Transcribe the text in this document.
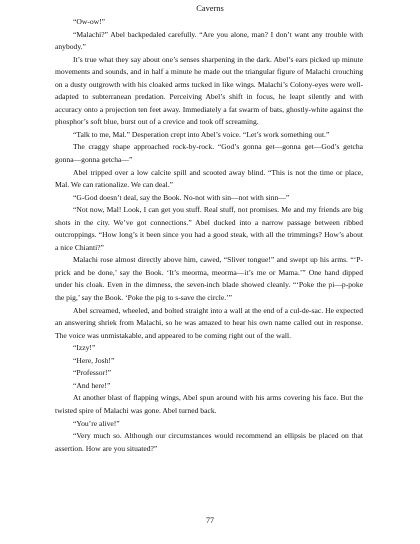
Caverns

“Ow-ow!”

“Malachi?” Abel backpedaled carefully. “Are you alone, man? I don’t want any trouble with anybody.”

It’s true what they say about one’s senses sharpening in the dark. Abel’s ears picked up minute movements and sounds, and in half a minute he made out the triangular figure of Malachi crouching on a dusty outgrowth with his cloaked arms tucked in like wings. Malachi’s Colony-eyes were well-adapted to subterranean predation. Perceiving Abel’s shift in focus, he leapt silently and with accuracy onto a projection ten feet away. Immediately a fat swarm of bats, ghostly-white against the phosphor’s soft blue, burst out of a crevice and took off screaming.

“Talk to me, Mal.” Desperation crept into Abel’s voice. “Let’s work something out.”

The craggy shape approached rock-by-rock. “God’s gonna get—gonna get—God’s getcha gonna—gonna getcha—”

Abel tripped over a low calcite spill and scooted away blind. “This is not the time or place, Mal. We can rationalize. We can deal.”

“G-God doesn’t deal, say the Book. No-not with sin—not with sinn—”

“Not now, Mal! Look, I can get you stuff. Real stuff, not promises. Me and my friends are big shots in the city. We’ve got connections.” Abel ducked into a narrow passage between ribbed outcroppings. “How long’s it been since you had a good steak, with all the trimmings? How’s about a nice Chianti?”

Malachi rose almost directly above him, cawed, “Sliver tongue!” and swept up his arms. “‘P-prick and be done,’ say the Book. ‘It’s meorma, meorma—it’s me or Mama.’” One hand dipped under his cloak. Even in the dimness, the seven-inch blade showed cleanly. “‘Poke the pi—p-poke the pig,’ say the Book. ‘Poke the pig to s-save the circle.’”

Abel screamed, wheeled, and bolted straight into a wall at the end of a cul-de-sac. He expected an answering shriek from Malachi, so he was amazed to hear his own name called out in response. The voice was unmistakable, and appeared to be coming right out of the wall.

“Izzy!”

“Here, Josh!”

“Professor!”

“And here!”

At another blast of flapping wings, Abel spun around with his arms covering his face. But the twisted spire of Malachi was gone. Abel turned back.

“You’re alive!”

“Very much so. Although our circumstances would recommend an ellipsis be placed on that assertion. How are you situated?”

77
